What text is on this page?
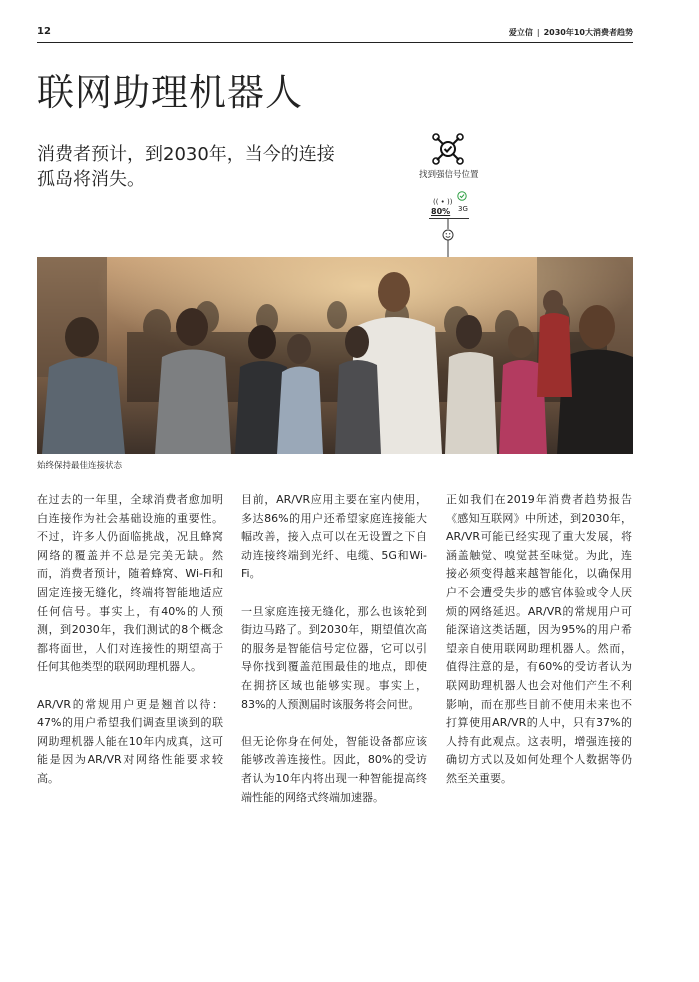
12	爱立信 | 2030年10大消费者趋势
联网助理机器人

消费者预计，到2030年，当今的连接孤岛将消失。	找到强信号位置
(( • ))
80% 3G
始终保持最佳连接状态

在过去的一年里，全球消费者愈加明白连接作为社会基础设施的重要性。不过，许多人仍面临挑战，况且蜂窝网络的覆盖并不总是完美无缺。然而，消费者预计，随着蜂窝、Wi-Fi和固定连接无缝化，终端将智能地适应任何信号。事实上，有40%的人预测，到2030年，我们测试的8个概念都将面世，人们对连接性的期望高于任何其他类型的联网助理机器人。

AR/VR的常规用户更是翘首以待：47%的用户希望我们调查里谈到的联网助理机器人能在10年内成真，这可能是因为AR/VR对网络性能要求较高。

目前，AR/VR应用主要在室内使用，多达86%的用户还希望家庭连接能大幅改善，接入点可以在无设置之下自动连接终端到光纤、电缆、5G和Wi-Fi。

一旦家庭连接无缝化，那么也该轮到街边马路了。到2030年，期望值次高的服务是智能信号定位器，它可以引导你找到覆盖范围最佳的地点，即使在拥挤区域也能够实现。事实上，83%的人预测届时该服务将会问世。

但无论你身在何处，智能设备都应该能够改善连接性。因此，80%的受访者认为10年内将出现一种智能提高终端性能的网络式终端加速器。

正如我们在2019年消费者趋势报告《感知互联网》中所述，到2030年，AR/VR可能已经实现了重大发展，将涵盖触觉、嗅觉甚至味觉。为此，连接必须变得越来越智能化，以确保用户不会遭受失步的感官体验或令人厌烦的网络延迟。AR/VR的常规用户可能深谙这类话题，因为95%的用户希望亲自使用联网助理机器人。然而，值得注意的是，有60%的受访者认为联网助理机器人也会对他们产生不利影响，而在那些目前不使用未来也不打算使用AR/VR的人中，只有37%的人持有此观点。这表明，增强连接的确切方式以及如何处理个人数据等仍然至关重要。
